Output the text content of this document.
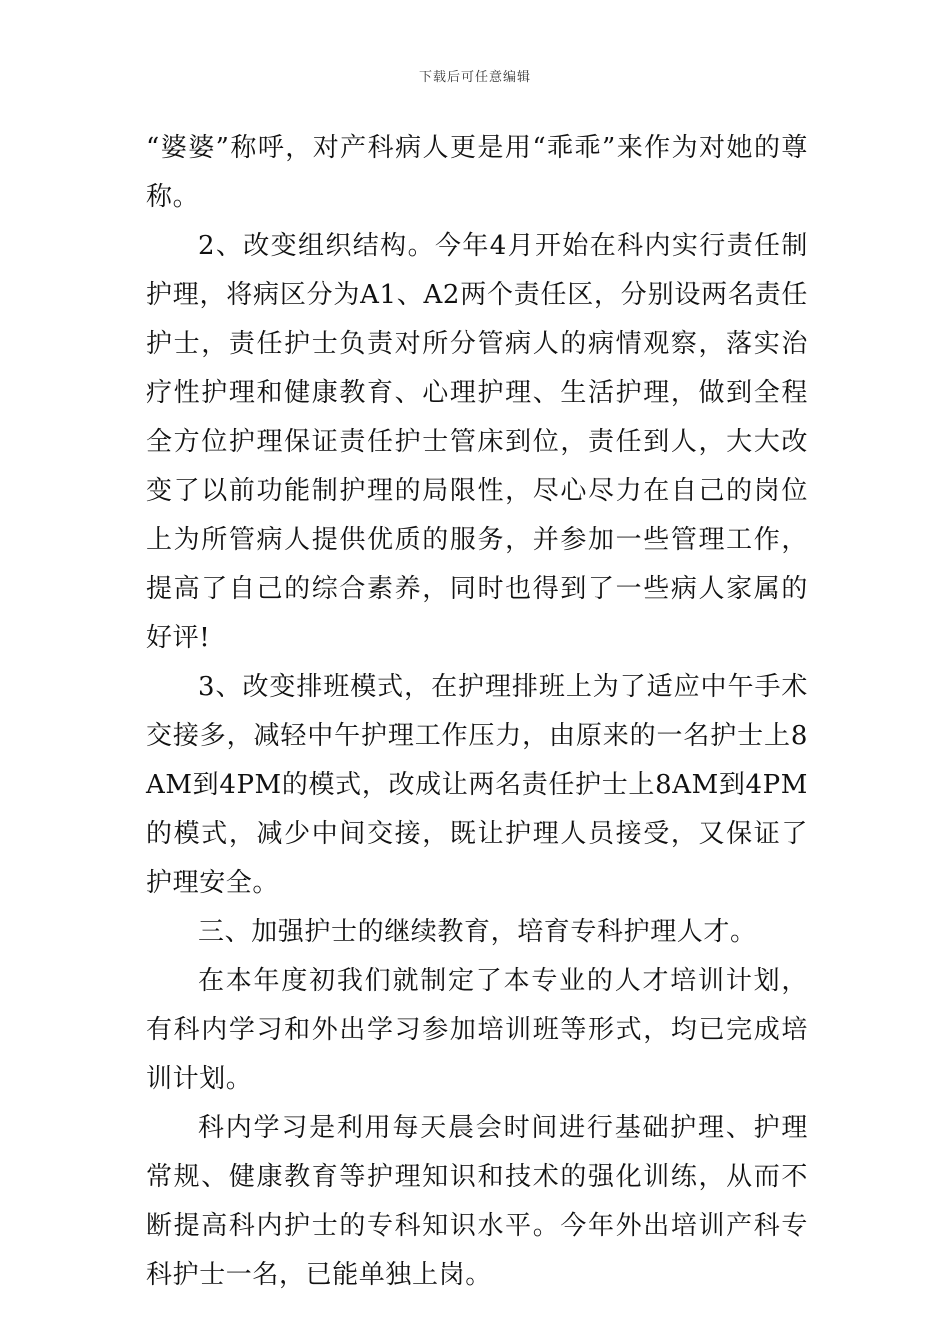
下载后可任意编辑

“婆婆”称呼，对产科病人更是用“乖乖”来作为对她的尊称。

2、改变组织结构。今年4月开始在科内实行责任制护理，将病区分为A1、A2两个责任区，分别设两名责任护士，责任护士负责对所分管病人的病情观察，落实治疗性护理和健康教育、心理护理、生活护理，做到全程全方位护理保证责任护士管床到位，责任到人，大大改变了以前功能制护理的局限性，尽心尽力在自己的岗位上为所管病人提供优质的服务，并参加一些管理工作，提高了自己的综合素养，同时也得到了一些病人家属的好评!

3、改变排班模式，在护理排班上为了适应中午手术交接多，减轻中午护理工作压力，由原来的一名护士上8AM到4PM的模式，改成让两名责任护士上8AM到4PM的模式，减少中间交接，既让护理人员接受，又保证了护理安全。

三、加强护士的继续教育，培育专科护理人才。

在本年度初我们就制定了本专业的人才培训计划，有科内学习和外出学习参加培训班等形式，均已完成培训计划。

科内学习是利用每天晨会时间进行基础护理、护理常规、健康教育等护理知识和技术的强化训练，从而不断提高科内护士的专科知识水平。今年外出培训产科专科护士一名，已能单独上岗。
